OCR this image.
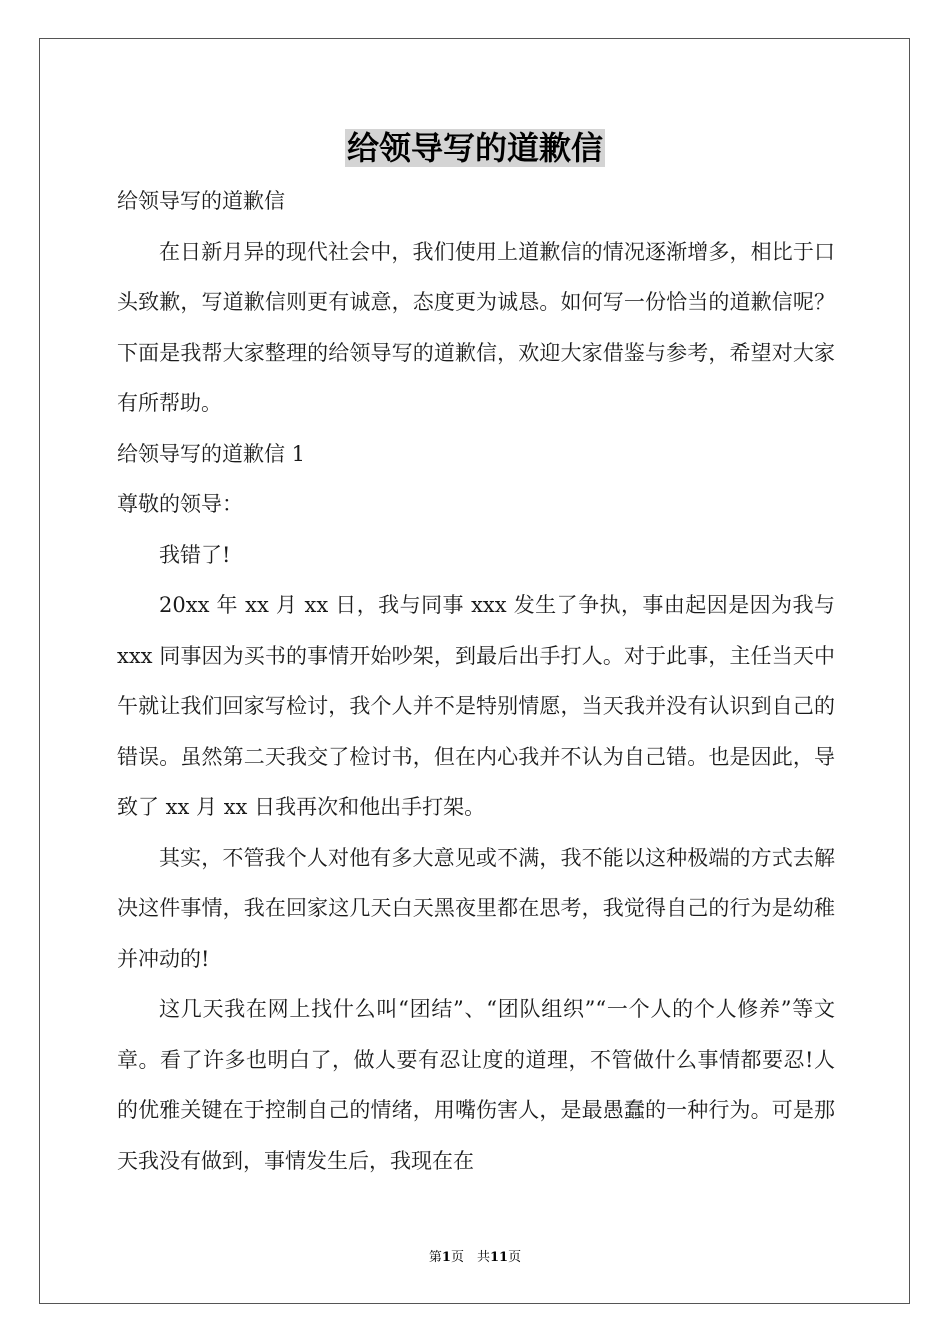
给领导写的道歉信

给领导写的道歉信

在日新月异的现代社会中，我们使用上道歉信的情况逐渐增多，相比于口头致歉，写道歉信则更有诚意，态度更为诚恳。如何写一份恰当的道歉信呢？下面是我帮大家整理的给领导写的道歉信，欢迎大家借鉴与参考，希望对大家有所帮助。

给领导写的道歉信 1

尊敬的领导：

我错了!

20xx 年 xx 月 xx 日，我与同事 xxx 发生了争执，事由起因是因为我与 xxx 同事因为买书的事情开始吵架，到最后出手打人。对于此事，主任当天中午就让我们回家写检讨，我个人并不是特别情愿，当天我并没有认识到自己的错误。虽然第二天我交了检讨书，但在内心我并不认为自己错。也是因此，导致了 xx 月 xx 日我再次和他出手打架。

其实，不管我个人对他有多大意见或不满，我不能以这种极端的方式去解决这件事情，我在回家这几天白天黑夜里都在思考，我觉得自己的行为是幼稚并冲动的!

这几天我在网上找什么叫“团结”、“团队组织”“一个人的个人修养”等文章。看了许多也明白了，做人要有忍让度的道理，不管做什么事情都要忍!人的优雅关键在于控制自己的情绪，用嘴伤害人，是最愚蠢的一种行为。可是那天我没有做到，事情发生后，我现在在

第1页　共11页
